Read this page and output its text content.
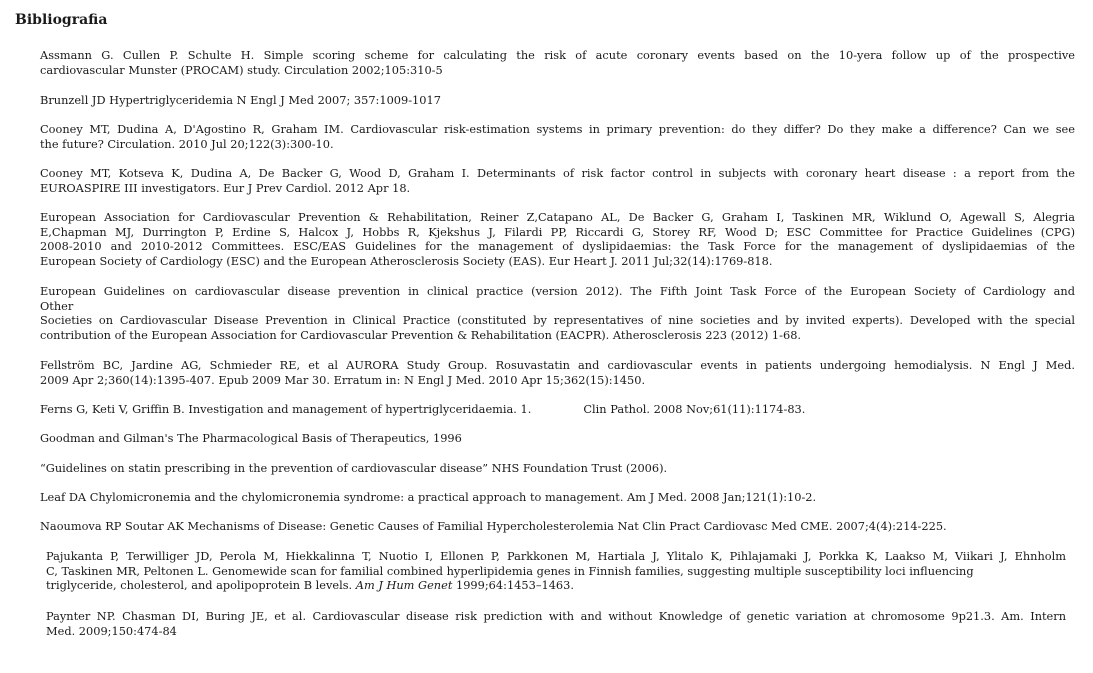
Bibliografia
Assmann G. Cullen P. Schulte H. Simple scoring scheme for calculating the risk of acute coronary events based on the 10-yera follow up of the prospective
cardiovascular Munster (PROCAM) study. Circulation 2002;105:310-5
Brunzell JD Hypertriglyceridemia N Engl J Med 2007; 357:1009-1017
Cooney MT, Dudina A, D'Agostino R, Graham IM. Cardiovascular risk-estimation systems in primary prevention: do they differ? Do they make a difference? Can we see
the future? Circulation. 2010 Jul 20;122(3):300-10.
Cooney MT, Kotseva K, Dudina A, De Backer G, Wood D, Graham I. Determinants of risk factor control in subjects with coronary heart disease : a report from the
EUROASPIRE III investigators. Eur J Prev Cardiol. 2012 Apr 18.
European Association for Cardiovascular Prevention & Rehabilitation, Reiner Z,Catapano AL, De Backer G, Graham I, Taskinen MR, Wiklund O, Agewall S, Alegria
E,Chapman MJ, Durrington P, Erdine S, Halcox J, Hobbs R, Kjekshus J, Filardi PP, Riccardi G, Storey RF, Wood D; ESC Committee for Practice Guidelines (CPG)
2008-2010 and 2010-2012 Committees. ESC/EAS Guidelines for the management of dyslipidaemias: the Task Force for the management of dyslipidaemias of the
European Society of Cardiology (ESC) and the European Atherosclerosis Society (EAS). Eur Heart J. 2011 Jul;32(14):1769-818.
European Guidelines on cardiovascular disease prevention in clinical practice (version 2012). The Fifth Joint Task Force of the European Society of Cardiology and
Other
Societies on Cardiovascular Disease Prevention in Clinical Practice (constituted by representatives of nine societies and by invited experts). Developed with the special
contribution of the European Association for Cardiovascular Prevention & Rehabilitation (EACPR). Atherosclerosis 223 (2012) 1-68.
Fellström BC, Jardine AG, Schmieder RE, et al AURORA Study Group. Rosuvastatin and cardiovascular events in patients undergoing hemodialysis. N Engl J Med.
2009 Apr 2;360(14):1395-407. Epub 2009 Mar 30. Erratum in: N Engl J Med. 2010 Apr 15;362(15):1450.
Ferns G, Keti V, Griffin B. Investigation and management of hypertriglyceridaemia. 1.	Clin Pathol. 2008 Nov;61(11):1174-83.
Goodman and Gilman's The Pharmacological Basis of Therapeutics, 1996
“Guidelines on statin prescribing in the prevention of cardiovascular disease” NHS Foundation Trust (2006).
Leaf DA Chylomicronemia and the chylomicronemia syndrome: a practical approach to management. Am J Med. 2008 Jan;121(1):10-2.
Naoumova RP Soutar AK Mechanisms of Disease: Genetic Causes of Familial Hypercholesterolemia Nat Clin Pract Cardiovasc Med CME. 2007;4(4):214-225.
Pajukanta P, Terwilliger JD, Perola M, Hiekkalinna T, Nuotio I, Ellonen P, Parkkonen M, Hartiala J, Ylitalo K, Pihlajamaki J, Porkka K, Laakso M, Viikari J, Ehnholm
C, Taskinen MR, Peltonen L. Genomewide scan for familial combined hyperlipidemia genes in Finnish families, suggesting multiple susceptibility loci influencing
triglyceride, cholesterol, and apolipoprotein B levels. Am J Hum Genet 1999;64:1453–1463.
Paynter NP. Chasman DI, Buring JE, et al. Cardiovascular disease risk prediction with and without Knowledge of genetic variation at chromosome 9p21.3. Am. Intern
Med. 2009;150:474-84
